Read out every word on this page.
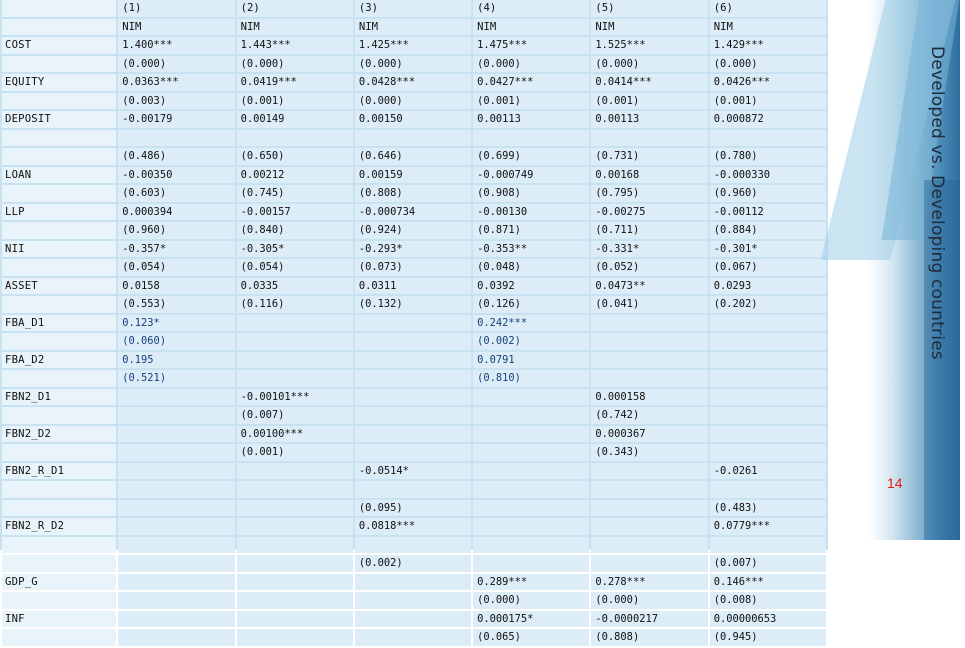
	(1)	(2)	(3)	(4)	(5)	(6)
	NIM	NIM	NIM	NIM	NIM	NIM
COST	1.400***	1.443***	1.425***	1.475***	1.525***	1.429***
	(0.000)	(0.000)	(0.000)	(0.000)	(0.000)	(0.000)
EQUITY	0.0363***	0.0419***	0.0428***	0.0427***	0.0414***	0.0426***
	(0.003)	(0.001)	(0.000)	(0.001)	(0.001)	(0.001)
DEPOSIT	-0.00179	0.00149	0.00150	0.00113	0.00113	0.000872

	(0.486)	(0.650)	(0.646)	(0.699)	(0.731)	(0.780)
LOAN	-0.00350	0.00212	0.00159	-0.000749	0.00168	-0.000330
	(0.603)	(0.745)	(0.808)	(0.908)	(0.795)	(0.960)
LLP	0.000394	-0.00157	-0.000734	-0.00130	-0.00275	-0.00112
	(0.960)	(0.840)	(0.924)	(0.871)	(0.711)	(0.884)
NII	-0.357*	-0.305*	-0.293*	-0.353**	-0.331*	-0.301*
	(0.054)	(0.054)	(0.073)	(0.048)	(0.052)	(0.067)
ASSET	0.0158	0.0335	0.0311	0.0392	0.0473**	0.0293
	(0.553)	(0.116)	(0.132)	(0.126)	(0.041)	(0.202)
FBA_D1	0.123*			0.242***		
	(0.060)			(0.002)		
FBA_D2	0.195			0.0791		
	(0.521)			(0.810)		
FBN2_D1		-0.00101***			0.000158	
		(0.007)			(0.742)	
FBN2_D2		0.00100***			0.000367	
		(0.001)			(0.343)	
FBN2_R_D1			-0.0514*			-0.0261

			(0.095)			(0.483)
FBN2_R_D2			0.0818***			0.0779***

			(0.002)			(0.007)
GDP_G				0.289***	0.278***	0.146***
				(0.000)	(0.000)	(0.008)
INF				0.000175*	-0.0000217	0.00000653
				(0.065)	(0.808)	(0.945)
Developed vs. Developing countries
14
